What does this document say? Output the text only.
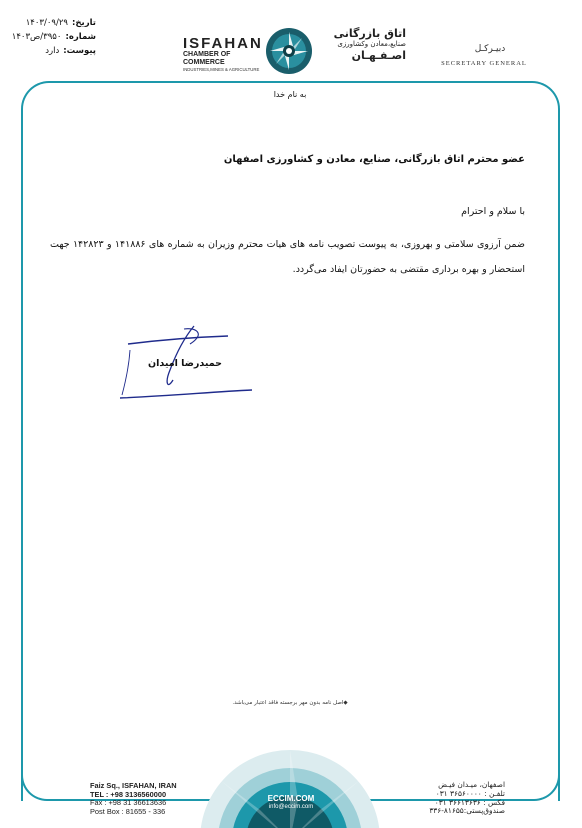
تاریخ:
۱۴۰۳/۰۹/۲۹
شماره:
۳۹۵۰/ص۱۴۰۳
پیوست:
دارد	ISFAHAN
CHAMBER OF COMMERCE
INDUSTRIES,MINES & AGRICULTURE
اتاق بازرگانی
صنایع،معادن وکشاورزی
اصـفـهـان	دبیـرکـل
SECRETARY GENERAL
به نام خدا
عضو محترم اتاق بازرگانی، صنایع، معادن و کشاورزی اصفهان
با سلام و احترام
ضمن آرزوی سلامتی و بهروزی، به پیوست تصویب نامه های هیات محترم وزیران به شماره های ۱۴۱۸۸۶ و ۱۴۲۸۲۳ جهت استحضار و بهره برداری مقتضی به حضورتان ایفاد می‌گردد.
حمیدرضا امیدان
◆اصل نامه بدون مهر برجسته فاقد اعتبار می‌باشد.
Faiz Sq., ISFAHAN, IRAN
TEL : +98 3136560000
Fax : +98 31 36613636
Post Box : 81655 - 336
ECCIM.COM
info@eccim.com
اصفهان، میـدان فیـض
تلفـن : ۳۶۵۶۰۰۰۰ ۰۳۱
فکس : ۳۶۶۱۳۶۳۶ ۰۳۱
صندوق‌پستی:۸۱۶۵۵-۳۳۶
